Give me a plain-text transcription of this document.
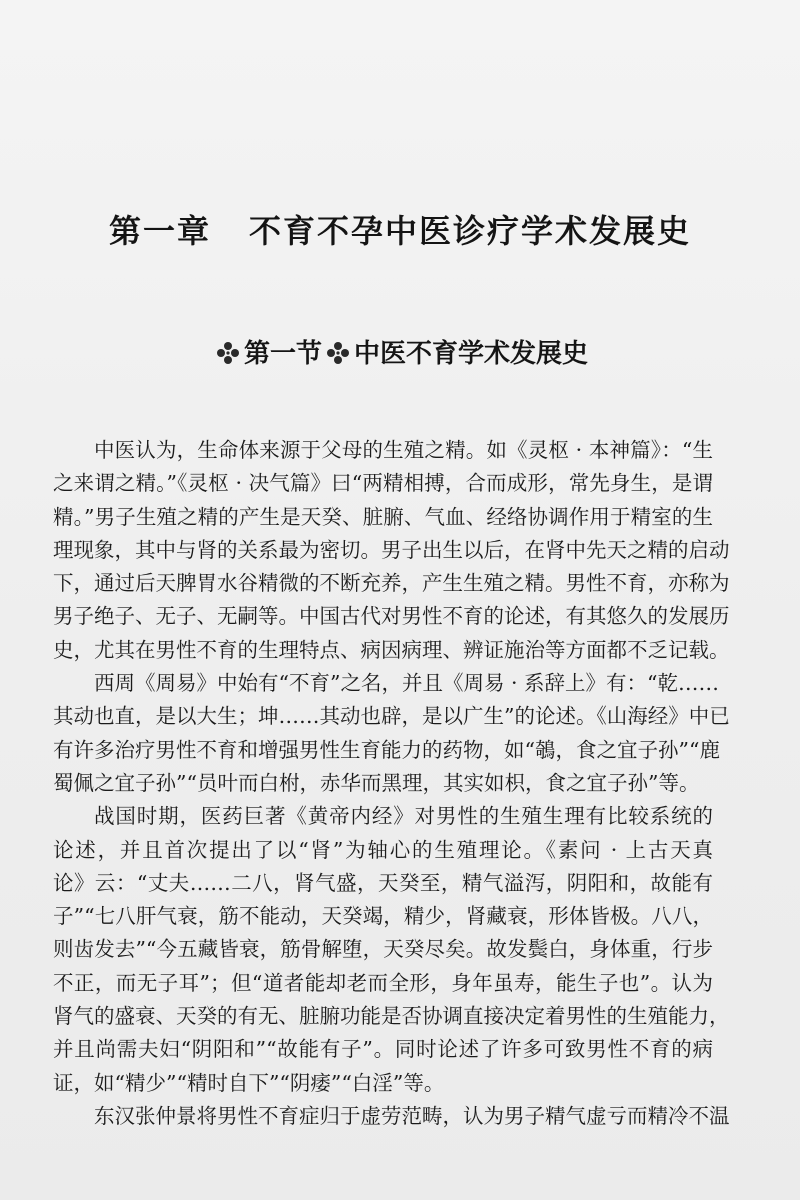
第一章 不育不孕中医诊疗学术发展史
第一节 中医不育学术发展史
中医认为，生命体来源于父母的生殖之精。如《灵枢 · 本神篇》：“生
之来谓之精。”《灵枢 · 决气篇》曰“两精相搏，合而成形，常先身生，是谓
精。”男子生殖之精的产生是天癸、脏腑、气血、经络协调作用于精室的生
理现象，其中与肾的关系最为密切。男子出生以后，在肾中先天之精的启动
下，通过后天脾胃水谷精微的不断充养，产生生殖之精。男性不育，亦称为
男子绝子、无子、无嗣等。中国古代对男性不育的论述，有其悠久的发展历
史，尤其在男性不育的生理特点、病因病理、辨证施治等方面都不乏记载。
西周《周易》中始有“不育”之名，并且《周易 · 系辞上》有：“乾……
其动也直，是以大生；坤……其动也辟，是以广生”的论述。《山海经》中已
有许多治疗男性不育和增强男性生育能力的药物，如“鵸，食之宜子孙”“鹿
蜀佩之宜子孙”“员叶而白柎，赤华而黑理，其实如枳，食之宜子孙”等。
战国时期，医药巨著《黄帝内经》对男性的生殖生理有比较系统的
论述，并且首次提出了以“肾”为轴心的生殖理论。《素问 · 上古天真
论》云：“丈夫……二八，肾气盛，天癸至，精气溢泻，阴阳和，故能有
子”“七八肝气衰，筋不能动，天癸竭，精少，肾藏衰，形体皆极。八八，
则齿发去”“今五藏皆衰，筋骨解堕，天癸尽矣。故发鬓白，身体重，行步
不正，而无子耳”；但“道者能却老而全形，身年虽寿，能生子也”。认为
肾气的盛衰、天癸的有无、脏腑功能是否协调直接决定着男性的生殖能力，
并且尚需夫妇“阴阳和”“故能有子”。同时论述了许多可致男性不育的病
证，如“精少”“精时自下”“阴痿”“白淫”等。
东汉张仲景将男性不育症归于虚劳范畴，认为男子精气虚亏而精冷不温
